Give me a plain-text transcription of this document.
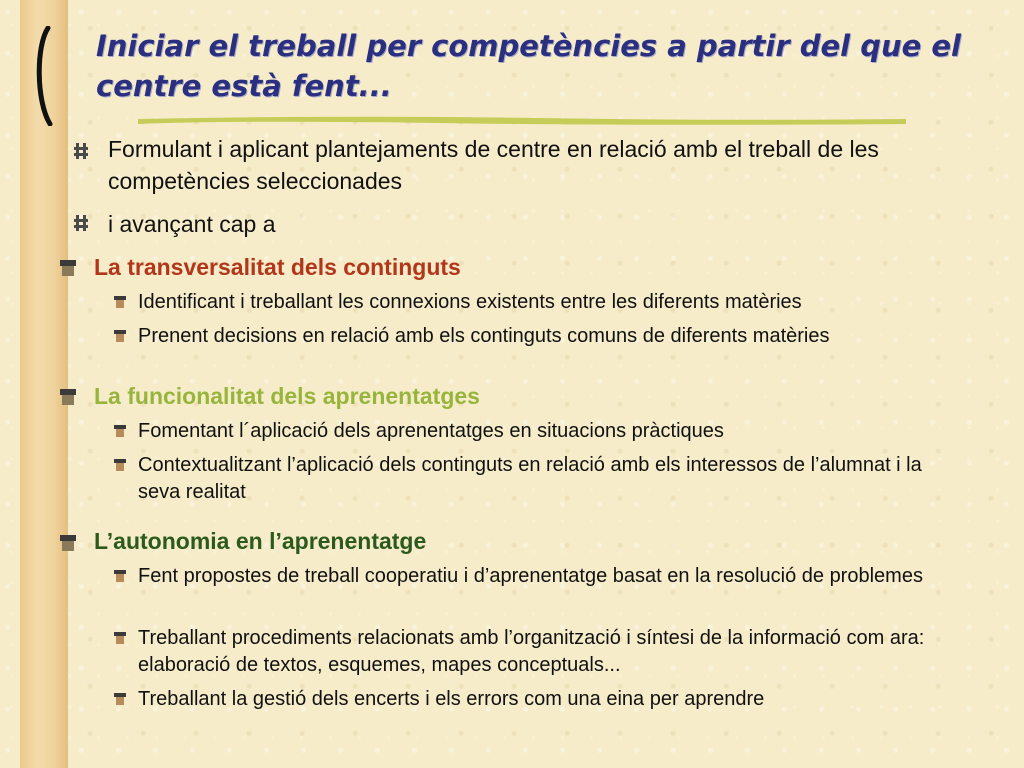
Iniciar el treball per competències a partir del que el centre està fent...

Formulant i aplicant plantejaments de centre en relació amb el treball de les competències seleccionades

i avançant cap a

La transversalitat dels continguts

Identificant i treballant les connexions existents entre les diferents matèries

Prenent decisions en relació amb els continguts comuns de diferents matèries

La funcionalitat dels aprenentatges

Fomentant l´aplicació dels aprenentatges en situacions pràctiques

Contextualitzant l’aplicació dels continguts en relació amb els interessos de l’alumnat i la seva realitat

L’autonomia en l’aprenentatge

Fent propostes de treball cooperatiu i d’aprenentatge basat en la resolució de problemes

Treballant procediments relacionats amb l’organització i síntesi de la informació com ara: elaboració de textos, esquemes, mapes conceptuals...

Treballant la gestió dels encerts i els errors com una eina per aprendre
